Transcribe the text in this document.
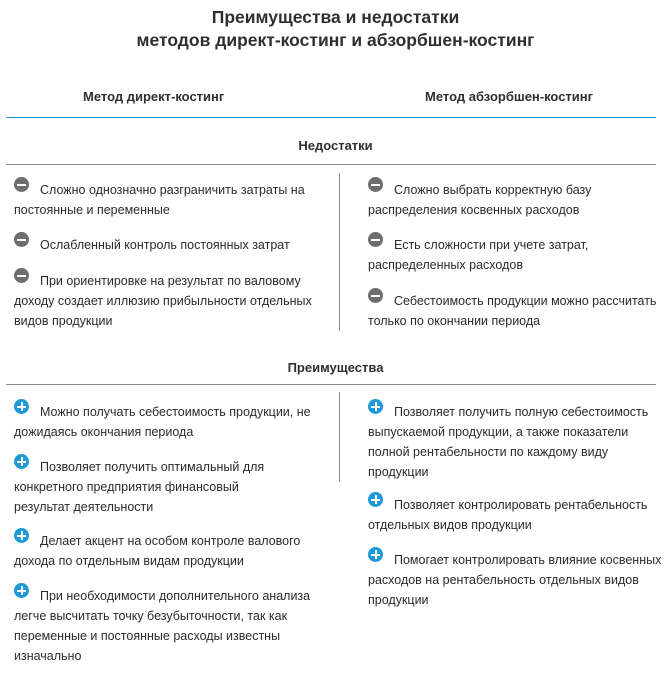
Преимущества и недостатки
методов директ-костинг и абзорбшен-костинг
Метод директ-костинг	Метод абзорбшен-костинг
Недостатки
Сложно однозначно разграничить затраты на постоянные и переменные
Ослабленный контроль постоянных затрат
При ориентировке на результат по валовому доходу создает иллюзию прибыльности отдельных видов продукции
Сложно выбрать корректную базу распределения косвенных расходов
Есть сложности при учете затрат, распределенных расходов
Себестоимость продукции можно рассчитать только по окончании периода
Преимущества
Можно получать себестоимость продукции, не дожидаясь окончания периода
Позволяет получить оптимальный для конкретного предприятия финансовый результат деятельности
Делает акцент на особом контроле валового дохода по отдельным видам продукции
При необходимости дополнительного анализа легче высчитать точку безубыточности, так как переменные и постоянные расходы известны изначально
Позволяет получить полную себестоимость выпускаемой продукции, а также показатели полной рентабельности по каждому виду продукции
Позволяет контролировать рентабельность отдельных видов продукции
Помогает контролировать влияние косвенных расходов на рентабельность отдельных видов продукции
